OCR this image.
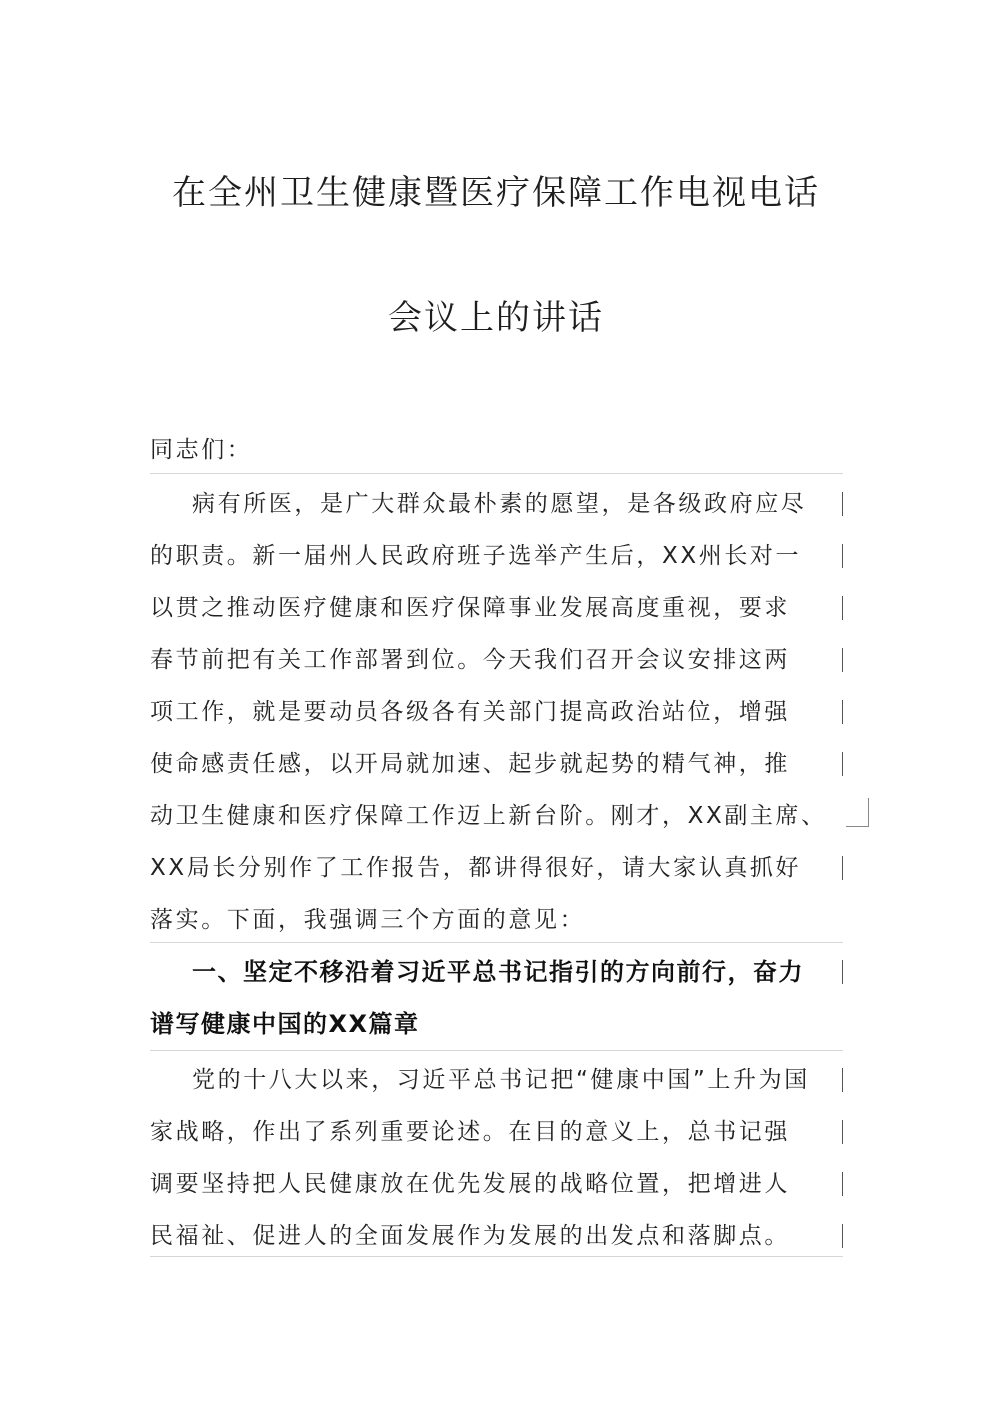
在全州卫生健康暨医疗保障工作电视电话
会议上的讲话
同志们：
病有所医，是广大群众最朴素的愿望，是各级政府应尽
的职责。新一届州人民政府班子选举产生后，XX州长对一
以贯之推动医疗健康和医疗保障事业发展高度重视，要求
春节前把有关工作部署到位。今天我们召开会议安排这两
项工作，就是要动员各级各有关部门提高政治站位，增强
使命感责任感，以开局就加速、起步就起势的精气神，推
动卫生健康和医疗保障工作迈上新台阶。刚才，XX副主席、
XX局长分别作了工作报告，都讲得很好，请大家认真抓好
落实。下面，我强调三个方面的意见：
一、坚定不移沿着习近平总书记指引的方向前行，奋力
谱写健康中国的XX篇章
党的十八大以来，习近平总书记把“健康中国”上升为国
家战略，作出了系列重要论述。在目的意义上，总书记强
调要坚持把人民健康放在优先发展的战略位置，把增进人
民福祉、促进人的全面发展作为发展的出发点和落脚点。
